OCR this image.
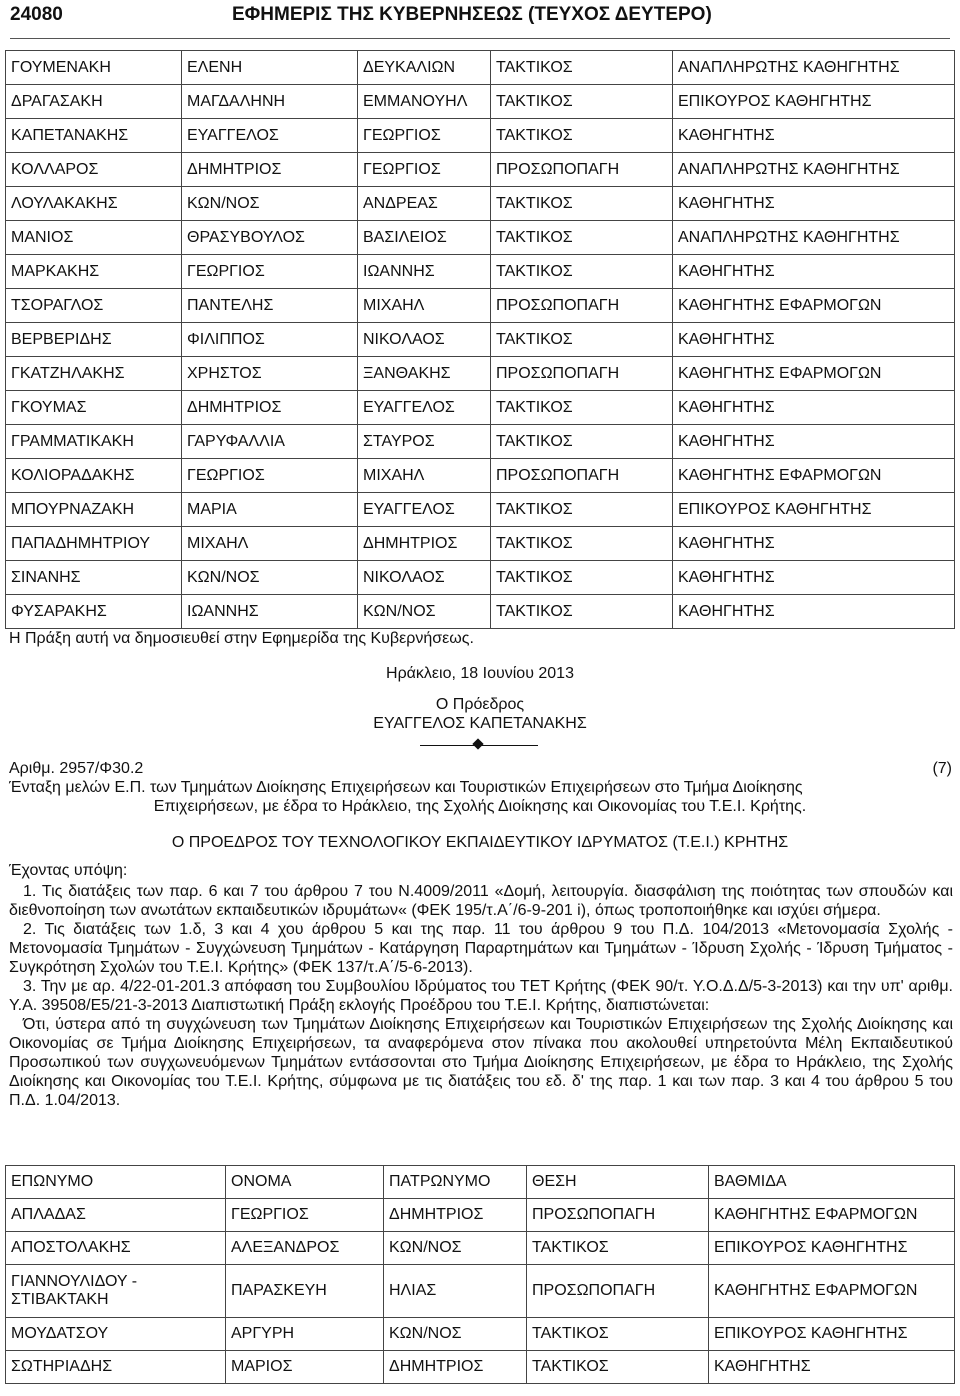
24080	ΕΦΗΜΕΡΙΣ ΤΗΣ ΚΥΒΕΡΝΗΣΕΩΣ (ΤΕΥΧΟΣ ΔΕΥΤΕΡΟ)
ΓΟΥΜΕΝΑΚΗ	ΕΛΕΝΗ	ΔΕΥΚΑΛΙΩΝ	ΤΑΚΤΙΚΟΣ	ΑΝΑΠΛΗΡΩΤΗΣ ΚΑΘΗΓΗΤΗΣ
ΔΡΑΓΑΣΑΚΗ	ΜΑΓΔΑΛΗΝΗ	ΕΜΜΑΝΟΥΗΛ	ΤΑΚΤΙΚΟΣ	ΕΠΙΚΟΥΡΟΣ ΚΑΘΗΓΗΤΗΣ
ΚΑΠΕΤΑΝΑΚΗΣ	ΕΥΑΓΓΕΛΟΣ	ΓΕΩΡΓΙΟΣ	ΤΑΚΤΙΚΟΣ	ΚΑΘΗΓΗΤΗΣ
ΚΟΛΛΑΡΟΣ	ΔΗΜΗΤΡΙΟΣ	ΓΕΩΡΓΙΟΣ	ΠΡΟΣΩΠΟΠΑΓΗ	ΑΝΑΠΛΗΡΩΤΗΣ ΚΑΘΗΓΗΤΗΣ
ΛΟΥΛΑΚΑΚΗΣ	ΚΩΝ/ΝΟΣ	ΑΝΔΡΕΑΣ	ΤΑΚΤΙΚΟΣ	ΚΑΘΗΓΗΤΗΣ
ΜΑΝΙΟΣ	ΘΡΑΣΥΒΟΥΛΟΣ	ΒΑΣΙΛΕΙΟΣ	ΤΑΚΤΙΚΟΣ	ΑΝΑΠΛΗΡΩΤΗΣ ΚΑΘΗΓΗΤΗΣ
ΜΑΡΚΑΚΗΣ	ΓΕΩΡΓΙΟΣ	ΙΩΑΝΝΗΣ	ΤΑΚΤΙΚΟΣ	ΚΑΘΗΓΗΤΗΣ
ΤΣΟΡΑΓΛΟΣ	ΠΑΝΤΕΛΗΣ	ΜΙΧΑΗΛ	ΠΡΟΣΩΠΟΠΑΓΗ	ΚΑΘΗΓΗΤΗΣ ΕΦΑΡΜΟΓΩΝ
ΒΕΡΒΕΡΙΔΗΣ	ΦΙΛΙΠΠΟΣ	ΝΙΚΟΛΑΟΣ	ΤΑΚΤΙΚΟΣ	ΚΑΘΗΓΗΤΗΣ
ΓΚΑΤΖΗΛΑΚΗΣ	ΧΡΗΣΤΟΣ	ΞΑΝΘΑΚΗΣ	ΠΡΟΣΩΠΟΠΑΓΗ	ΚΑΘΗΓΗΤΗΣ ΕΦΑΡΜΟΓΩΝ
ΓΚΟΥΜΑΣ	ΔΗΜΗΤΡΙΟΣ	ΕΥΑΓΓΕΛΟΣ	ΤΑΚΤΙΚΟΣ	ΚΑΘΗΓΗΤΗΣ
ΓΡΑΜΜΑΤΙΚΑΚΗ	ΓΑΡΥΦΑΛΛΙΑ	ΣΤΑΥΡΟΣ	ΤΑΚΤΙΚΟΣ	ΚΑΘΗΓΗΤΗΣ
ΚΟΛΙΟΡΑΔΑΚΗΣ	ΓΕΩΡΓΙΟΣ	ΜΙΧΑΗΛ	ΠΡΟΣΩΠΟΠΑΓΗ	ΚΑΘΗΓΗΤΗΣ ΕΦΑΡΜΟΓΩΝ
ΜΠΟΥΡΝΑΖΑΚΗ	ΜΑΡΙΑ	ΕΥΑΓΓΕΛΟΣ	ΤΑΚΤΙΚΟΣ	ΕΠΙΚΟΥΡΟΣ ΚΑΘΗΓΗΤΗΣ
ΠΑΠΑΔΗΜΗΤΡΙΟΥ	ΜΙΧΑΗΛ	ΔΗΜΗΤΡΙΟΣ	ΤΑΚΤΙΚΟΣ	ΚΑΘΗΓΗΤΗΣ
ΣΙΝΑΝΗΣ	ΚΩΝ/ΝΟΣ	ΝΙΚΟΛΑΟΣ	ΤΑΚΤΙΚΟΣ	ΚΑΘΗΓΗΤΗΣ
ΦΥΣΑΡΑΚΗΣ	ΙΩΑΝΝΗΣ	ΚΩΝ/ΝΟΣ	ΤΑΚΤΙΚΟΣ	ΚΑΘΗΓΗΤΗΣ
Η Πράξη αυτή να δημοσιευθεί στην Εφημερίδα της Κυβερνήσεως.
Ηράκλειο, 18 Ιουνίου 2013
Ο Πρόεδρος
ΕΥΑΓΓΕΛΟΣ ΚΑΠΕΤΑΝΑΚΗΣ
Αριθμ. 2957/Φ30.2	(7)
Ένταξη μελών Ε.Π. των Τμημάτων Διοίκησης Επιχειρήσεων και Τουριστικών Επιχειρήσεων στο Τμήμα Διοίκησης
Επιχειρήσεων, με έδρα το Ηράκλειο, της Σχολής Διοίκησης και Οικονομίας του Τ.Ε.Ι. Κρήτης.
Ο ΠΡΟΕΔΡΟΣ ΤΟΥ ΤΕΧΝΟΛΟΓΙΚΟΥ ΕΚΠΑΙΔΕΥΤΙΚΟΥ ΙΔΡΥΜΑΤΟΣ (Τ.Ε.Ι.) ΚΡΗΤΗΣ
Έχοντας υπόψη:

1. Τις διατάξεις των παρ. 6 και 7 του άρθρου 7 του Ν.4009/2011 «Δομή, λειτουργία. διασφάλιση της ποιότητας των σπουδών και διεθνοποίηση των ανωτάτων εκπαιδευτικών ιδρυμάτων« (ΦΕΚ 195/τ.Α΄/6-9-201 i), όπως τροποποιήθηκε και ισχύει σήμερα.

2. Τις διατάξεις των 1.δ, 3 και 4 χου άρθρου 5 και της παρ. 11 του άρθρου 9 του Π.Δ. 104/2013 «Μετονομασία Σχολής - Μετονομασία Τμημάτων - Συγχώνευση Τμημάτων - Κατάργηση Παραρτημάτων και Τμημάτων - Ίδρυση Σχολής - Ίδρυση Τμήματος - Συγκρότηση Σχολών του Τ.Ε.Ι. Κρήτης» (ΦΕΚ 137/τ.Α΄/5-6-2013).

3. Την με αρ. 4/22-01-201.3 απόφαση του Συμβουλίου Ιδρύματος του ΤΕΤ Κρήτης (ΦΕΚ 90/τ. Υ.Ο.Δ.Δ/5-3-2013) και την υπ' αριθμ. Υ.Α. 39508/Ε5/21-3-2013 Διαπιστωτική Πράξη εκλογής Προέδρου του Τ.Ε.Ι. Κρήτης, διαπιστώνεται:

Ότι, ύστερα από τη συγχώνευση των Τμημάτων Διοίκησης Επιχειρήσεων και Τουριστικών Επιχειρήσεων της Σχολής Διοίκησης και Οικονομίας σε Τμήμα Διοίκησης Επιχειρήσεων, τα αναφερόμενα στον πίνακα που ακολουθεί υπηρετούντα Μέλη Εκπαιδευτικού Προσωπικού των συγχωνευόμενων Τμημάτων εντάσσονται στο Τμήμα Διοίκησης Επιχειρήσεων, με έδρα το Ηράκλειο, της Σχολής Διοίκησης και Οικονομίας του Τ.Ε.Ι. Κρήτης, σύμφωνα με τις διατάξεις του εδ. δ' της παρ. 1 και των παρ. 3 και 4 του άρθρου 5 του Π.Δ. 1.04/2013.

ΕΠΩΝΥΜΟ	ΟΝΟΜΑ	ΠΑΤΡΩΝΥΜΟ	ΘΕΣΗ	ΒΑΘΜΙΔΑ
ΑΠΛΑΔΑΣ	ΓΕΩΡΓΙΟΣ	ΔΗΜΗΤΡΙΟΣ	ΠΡΟΣΩΠΟΠΑΓΗ	ΚΑΘΗΓΗΤΗΣ ΕΦΑΡΜΟΓΩΝ
ΑΠΟΣΤΟΛΑΚΗΣ	ΑΛΕΞΑΝΔΡΟΣ	ΚΩΝ/ΝΟΣ	ΤΑΚΤΙΚΟΣ	ΕΠΙΚΟΥΡΟΣ ΚΑΘΗΓΗΤΗΣ
ΓΙΑΝΝΟΥΛΙΔΟΥ - ΣΤΙΒΑΚΤΑΚΗ	ΠΑΡΑΣΚΕΥΗ	ΗΛΙΑΣ	ΠΡΟΣΩΠΟΠΑΓΗ	ΚΑΘΗΓΗΤΗΣ ΕΦΑΡΜΟΓΩΝ
ΜΟΥΔΑΤΣΟΥ	ΑΡΓΥΡΗ	ΚΩΝ/ΝΟΣ	ΤΑΚΤΙΚΟΣ	ΕΠΙΚΟΥΡΟΣ ΚΑΘΗΓΗΤΗΣ
ΣΩΤΗΡΙΑΔΗΣ	ΜΑΡΙΟΣ	ΔΗΜΗΤΡΙΟΣ	ΤΑΚΤΙΚΟΣ	ΚΑΘΗΓΗΤΗΣ
